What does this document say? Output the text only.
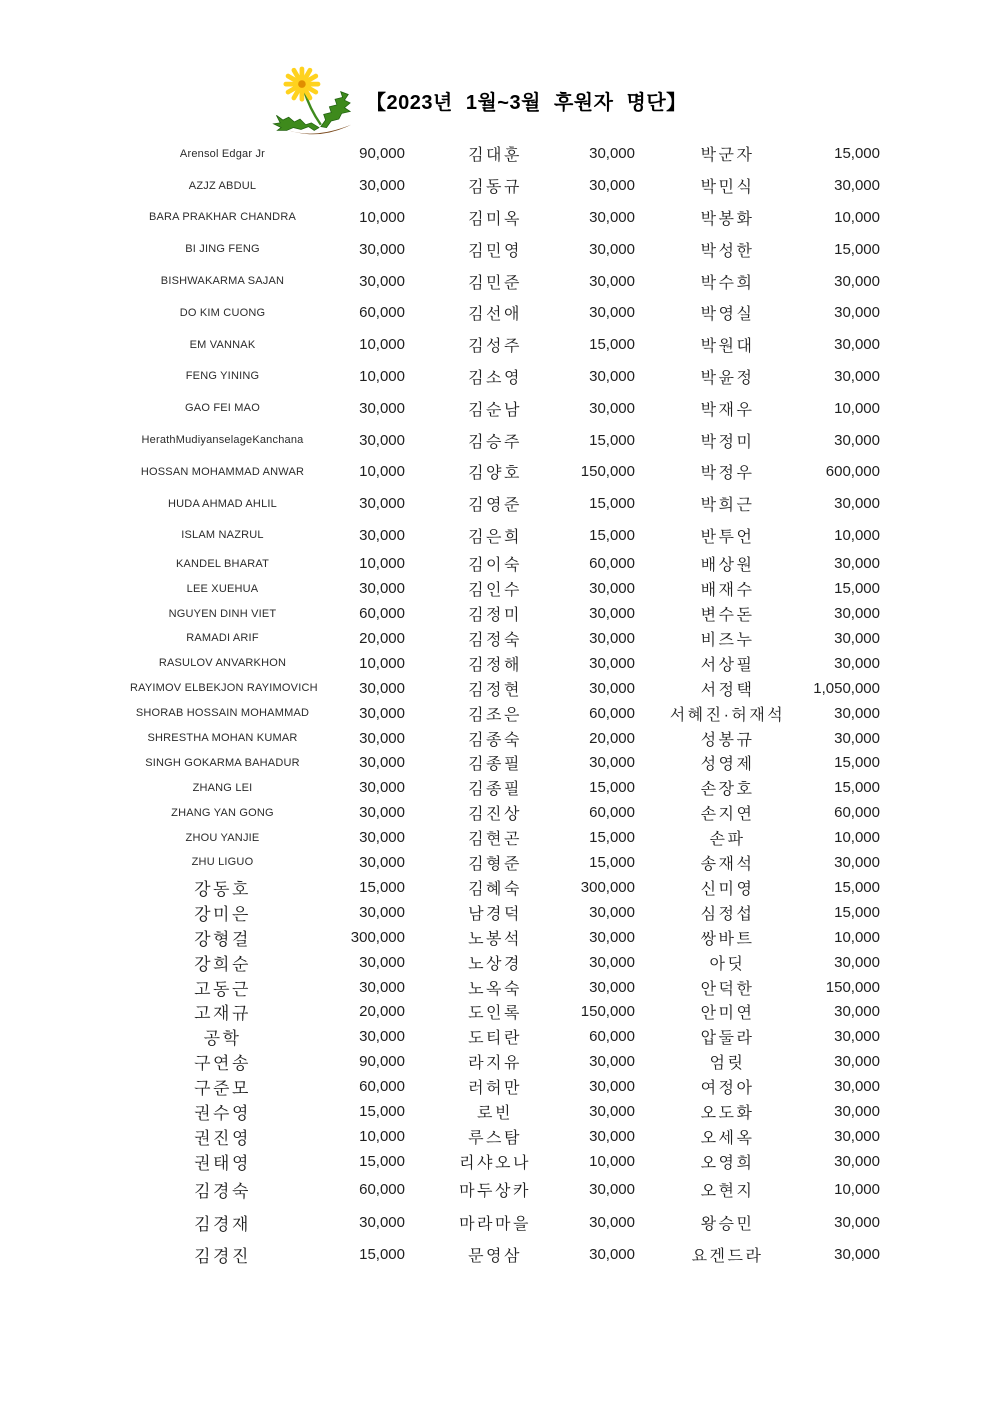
【2023년 1월~3월 후원자 명단】
Arensol Edgar Jr	90,000	김대훈	30,000	박군자	15,000
AZJZ ABDUL	30,000	김동규	30,000	박민식	30,000
BARA PRAKHAR CHANDRA	10,000	김미옥	30,000	박봉화	10,000
BI JING FENG	30,000	김민영	30,000	박성한	15,000
BISHWAKARMA SAJAN	30,000	김민준	30,000	박수희	30,000
DO KIM CUONG	60,000	김선애	30,000	박영실	30,000
EM VANNAK	10,000	김성주	15,000	박원대	30,000
FENG YINING	10,000	김소영	30,000	박윤정	30,000
GAO FEI MAO	30,000	김순남	30,000	박재우	10,000
HerathMudiyanselageKanchana	30,000	김승주	15,000	박정미	30,000
HOSSAN MOHAMMAD ANWAR	10,000	김양호	150,000	박정우	600,000
HUDA AHMAD AHLIL	30,000	김영준	15,000	박희근	30,000
ISLAM NAZRUL	30,000	김은희	15,000	반투언	10,000
KANDEL BHARAT	10,000	김이숙	60,000	배상원	30,000
LEE XUEHUA	30,000	김인수	30,000	배재수	15,000
NGUYEN DINH VIET	60,000	김정미	30,000	변수돈	30,000
RAMADI ARIF	20,000	김정숙	30,000	비즈누	30,000
RASULOV ANVARKHON	10,000	김정해	30,000	서상필	30,000
RAYIMOV ELBEKJON RAYIMOVICH	30,000	김정현	30,000	서정택	1,050,000
SHORAB HOSSAIN MOHAMMAD	30,000	김조은	60,000	서혜진·허재석	30,000
SHRESTHA MOHAN KUMAR	30,000	김종숙	20,000	성봉규	30,000
SINGH GOKARMA BAHADUR	30,000	김종필	30,000	성영제	15,000
ZHANG LEI	30,000	김종필	15,000	손장호	15,000
ZHANG YAN GONG	30,000	김진상	60,000	손지연	60,000
ZHOU YANJIE	30,000	김현곤	15,000	손파	10,000
ZHU LIGUO	30,000	김형준	15,000	송재석	30,000
강동호	15,000	김혜숙	300,000	신미영	15,000
강미은	30,000	남경덕	30,000	심정섭	15,000
강형걸	300,000	노봉석	30,000	쌍바트	10,000
강희순	30,000	노상경	30,000	아딧	30,000
고동근	30,000	노옥숙	30,000	안덕한	150,000
고재규	20,000	도인록	150,000	안미연	30,000
공학	30,000	도티란	60,000	압둘라	30,000
구연송	90,000	라지유	30,000	엄릿	30,000
구준모	60,000	러허만	30,000	여정아	30,000
권수영	15,000	로빈	30,000	오도화	30,000
권진영	10,000	루스탐	30,000	오세옥	30,000
권태영	15,000	리샤오나	10,000	오영희	30,000
김경숙	60,000	마두상카	30,000	오현지	10,000
김경재	30,000	마라마을	30,000	왕승민	30,000
김경진	15,000	문영삼	30,000	요겐드라	30,000
